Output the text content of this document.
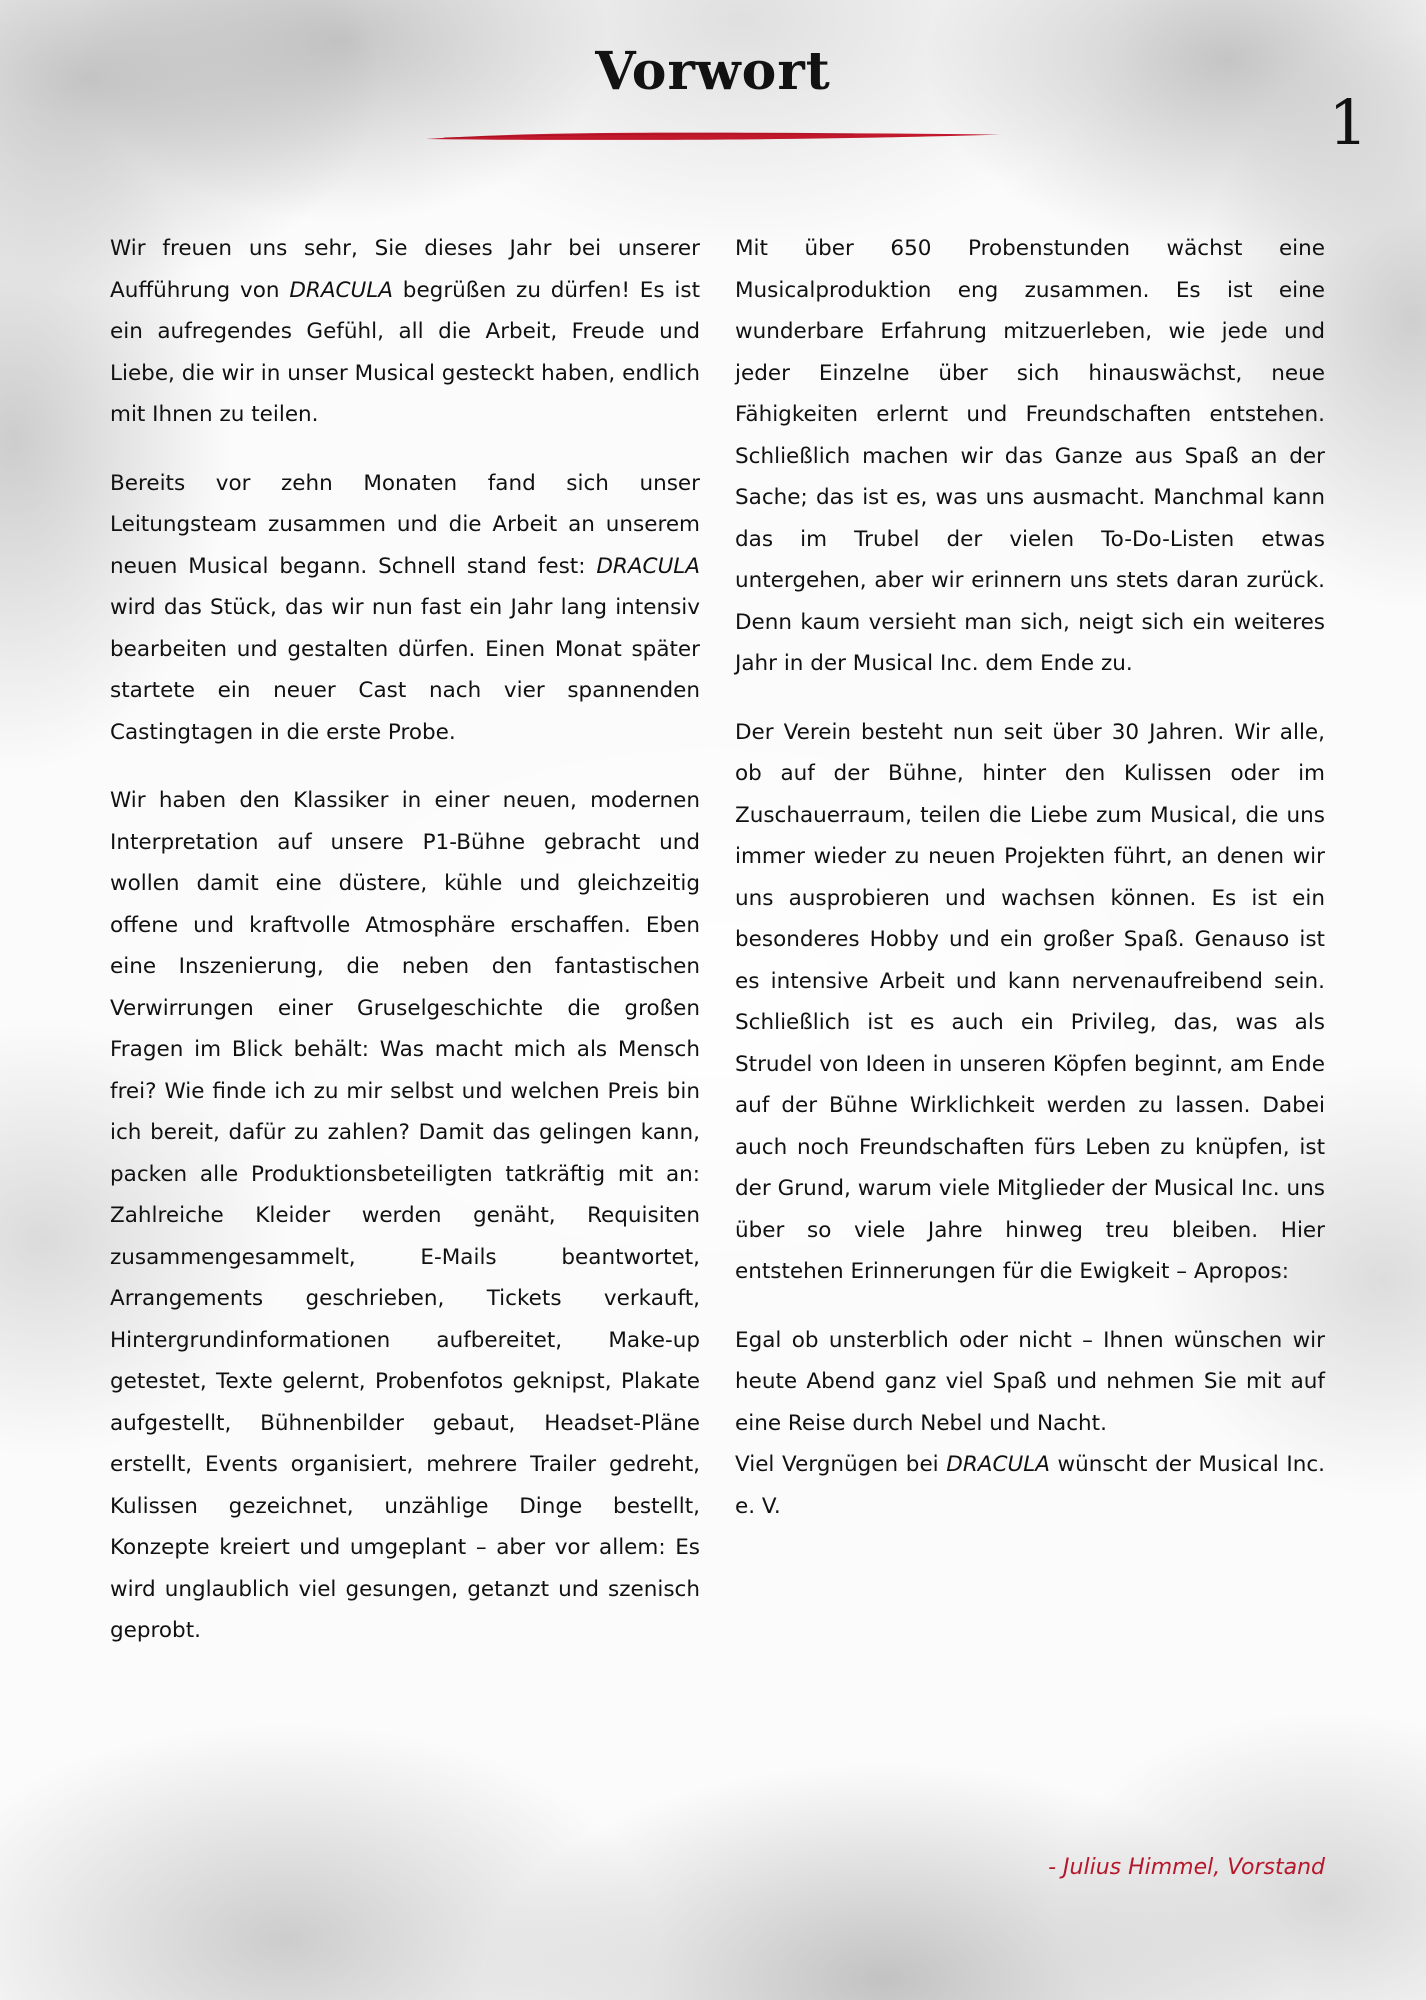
Vorwort
1

Wir freuen uns sehr, Sie dieses Jahr bei unserer Aufführung von DRACULA begrüßen zu dürfen! Es ist ein aufregendes Gefühl, all die Arbeit, Freude und Liebe, die wir in unser Musical gesteckt haben, endlich mit Ihnen zu teilen.

Bereits vor zehn Monaten fand sich unser Leitungsteam zusammen und die Arbeit an unserem neuen Musical begann. Schnell stand fest: DRACULA wird das Stück, das wir nun fast ein Jahr lang intensiv bearbeiten und gestalten dürfen. Einen Monat später startete ein neuer Cast nach vier spannenden Castingtagen in die erste Probe.

Wir haben den Klassiker in einer neuen, modernen Interpretation auf unsere P1-Bühne gebracht und wollen damit eine düstere, kühle und gleichzeitig offene und kraftvolle Atmosphäre erschaffen. Eben eine Inszenierung, die neben den fantastischen Verwirrungen einer Gruselgeschichte die großen Fragen im Blick behält: Was macht mich als Mensch frei? Wie finde ich zu mir selbst und welchen Preis bin ich bereit, dafür zu zahlen? Damit das gelingen kann, packen alle Produktionsbeteiligten tatkräftig mit an: Zahlreiche Kleider werden genäht, Requisiten zusammengesammelt, E-Mails beantwortet, Arrangements geschrieben, Tickets verkauft, Hintergrundinformationen aufbereitet, Make-up getestet, Texte gelernt, Probenfotos geknipst, Plakate aufgestellt, Bühnenbilder gebaut, Headset-Pläne erstellt, Events organisiert, mehrere Trailer gedreht, Kulissen gezeichnet, unzählige Dinge bestellt, Konzepte kreiert und umgeplant – aber vor allem: Es wird unglaublich viel gesungen, getanzt und szenisch geprobt.

Mit über 650 Probenstunden wächst eine Musicalproduktion eng zusammen. Es ist eine wunderbare Erfahrung mitzuerleben, wie jede und jeder Einzelne über sich hinauswächst, neue Fähigkeiten erlernt und Freundschaften entstehen. Schließlich machen wir das Ganze aus Spaß an der Sache; das ist es, was uns ausmacht. Manchmal kann das im Trubel der vielen To-Do-Listen etwas untergehen, aber wir erinnern uns stets daran zurück. Denn kaum versieht man sich, neigt sich ein weiteres Jahr in der Musical Inc. dem Ende zu.

Der Verein besteht nun seit über 30 Jahren. Wir alle, ob auf der Bühne, hinter den Kulissen oder im Zuschauerraum, teilen die Liebe zum Musical, die uns immer wieder zu neuen Projekten führt, an denen wir uns ausprobieren und wachsen können. Es ist ein besonderes Hobby und ein großer Spaß. Genauso ist es intensive Arbeit und kann nervenaufreibend sein. Schließlich ist es auch ein Privileg, das, was als Strudel von Ideen in unseren Köpfen beginnt, am Ende auf der Bühne Wirklichkeit werden zu lassen. Dabei auch noch Freundschaften fürs Leben zu knüpfen, ist der Grund, warum viele Mitglieder der Musical Inc. uns über so viele Jahre hinweg treu bleiben. Hier entstehen Erinnerungen für die Ewigkeit – Apropos:

Egal ob unsterblich oder nicht – Ihnen wünschen wir heute Abend ganz viel Spaß und nehmen Sie mit auf eine Reise durch Nebel und Nacht.

Viel Vergnügen bei DRACULA wünscht der Musical Inc. e. V.

- Julius Himmel, Vorstand
